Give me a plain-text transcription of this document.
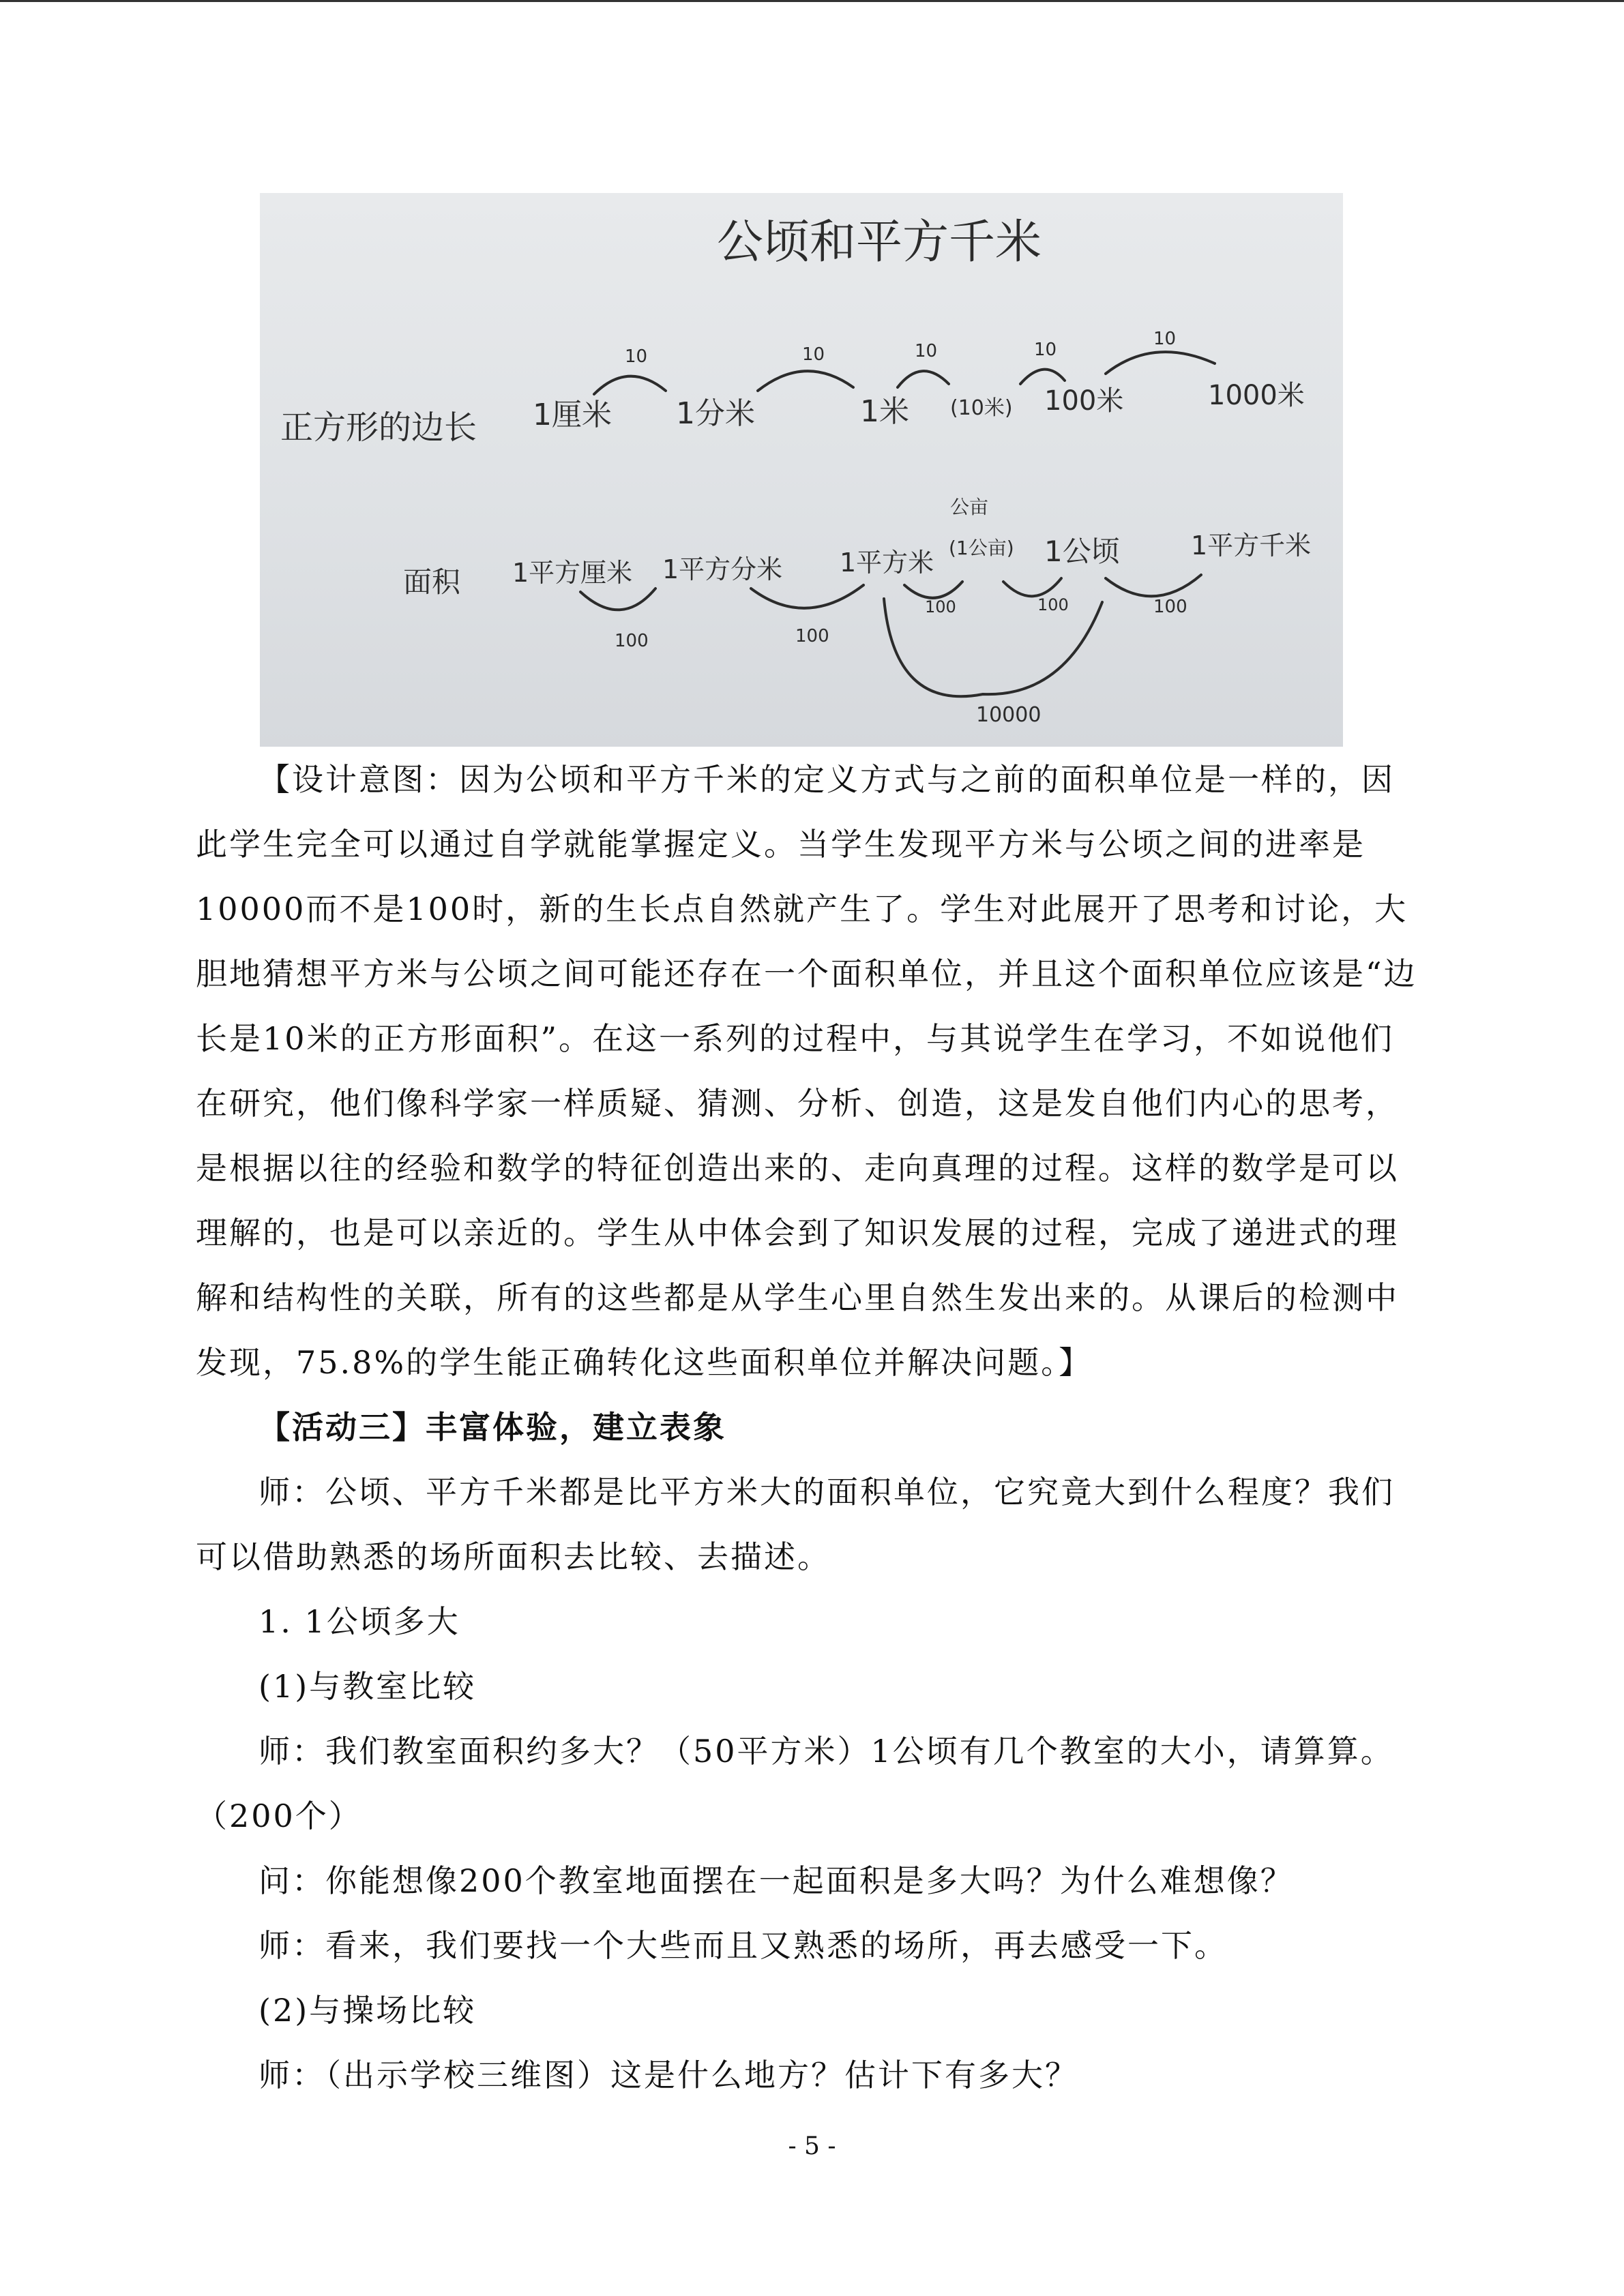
公顷和平方千米
正方形的边长 1厘米 1分米	1米 (10米) 100米	1000米
10	10	10	10
10
面积 1平方厘米 1平方分米 1平方米
公亩
(1公亩) 1公顷	1平方千米
100	100
100	100	100
10000

【设计意图：因为公顷和平方千米的定义方式与之前的面积单位是一样的，因此学生完全可以通过自学就能掌握定义。当学生发现平方米与公顷之间的进率是10000而不是100时，新的生长点自然就产生了。学生对此展开了思考和讨论，大胆地猜想平方米与公顷之间可能还存在一个面积单位，并且这个面积单位应该是“边长是10米的正方形面积”。在这一系列的过程中，与其说学生在学习，不如说他们在研究，他们像科学家一样质疑、猜测、分析、创造，这是发自他们内心的思考，是根据以往的经验和数学的特征创造出来的、走向真理的过程。这样的数学是可以理解的，也是可以亲近的。学生从中体会到了知识发展的过程，完成了递进式的理解和结构性的关联，所有的这些都是从学生心里自然生发出来的。从课后的检测中发现，75.8%的学生能正确转化这些面积单位并解决问题。】

【活动三】丰富体验，建立表象

师：公顷、平方千米都是比平方米大的面积单位，它究竟大到什么程度？我们可以借助熟悉的场所面积去比较、去描述。

1. 1公顷多大

(1)与教室比较

师：我们教室面积约多大？（50平方米）1公顷有几个教室的大小，请算算。（200个）

问：你能想像200个教室地面摆在一起面积是多大吗？为什么难想像？

师：看来，我们要找一个大些而且又熟悉的场所，再去感受一下。

(2)与操场比较

师：（出示学校三维图）这是什么地方？估计下有多大？

- 5 -
